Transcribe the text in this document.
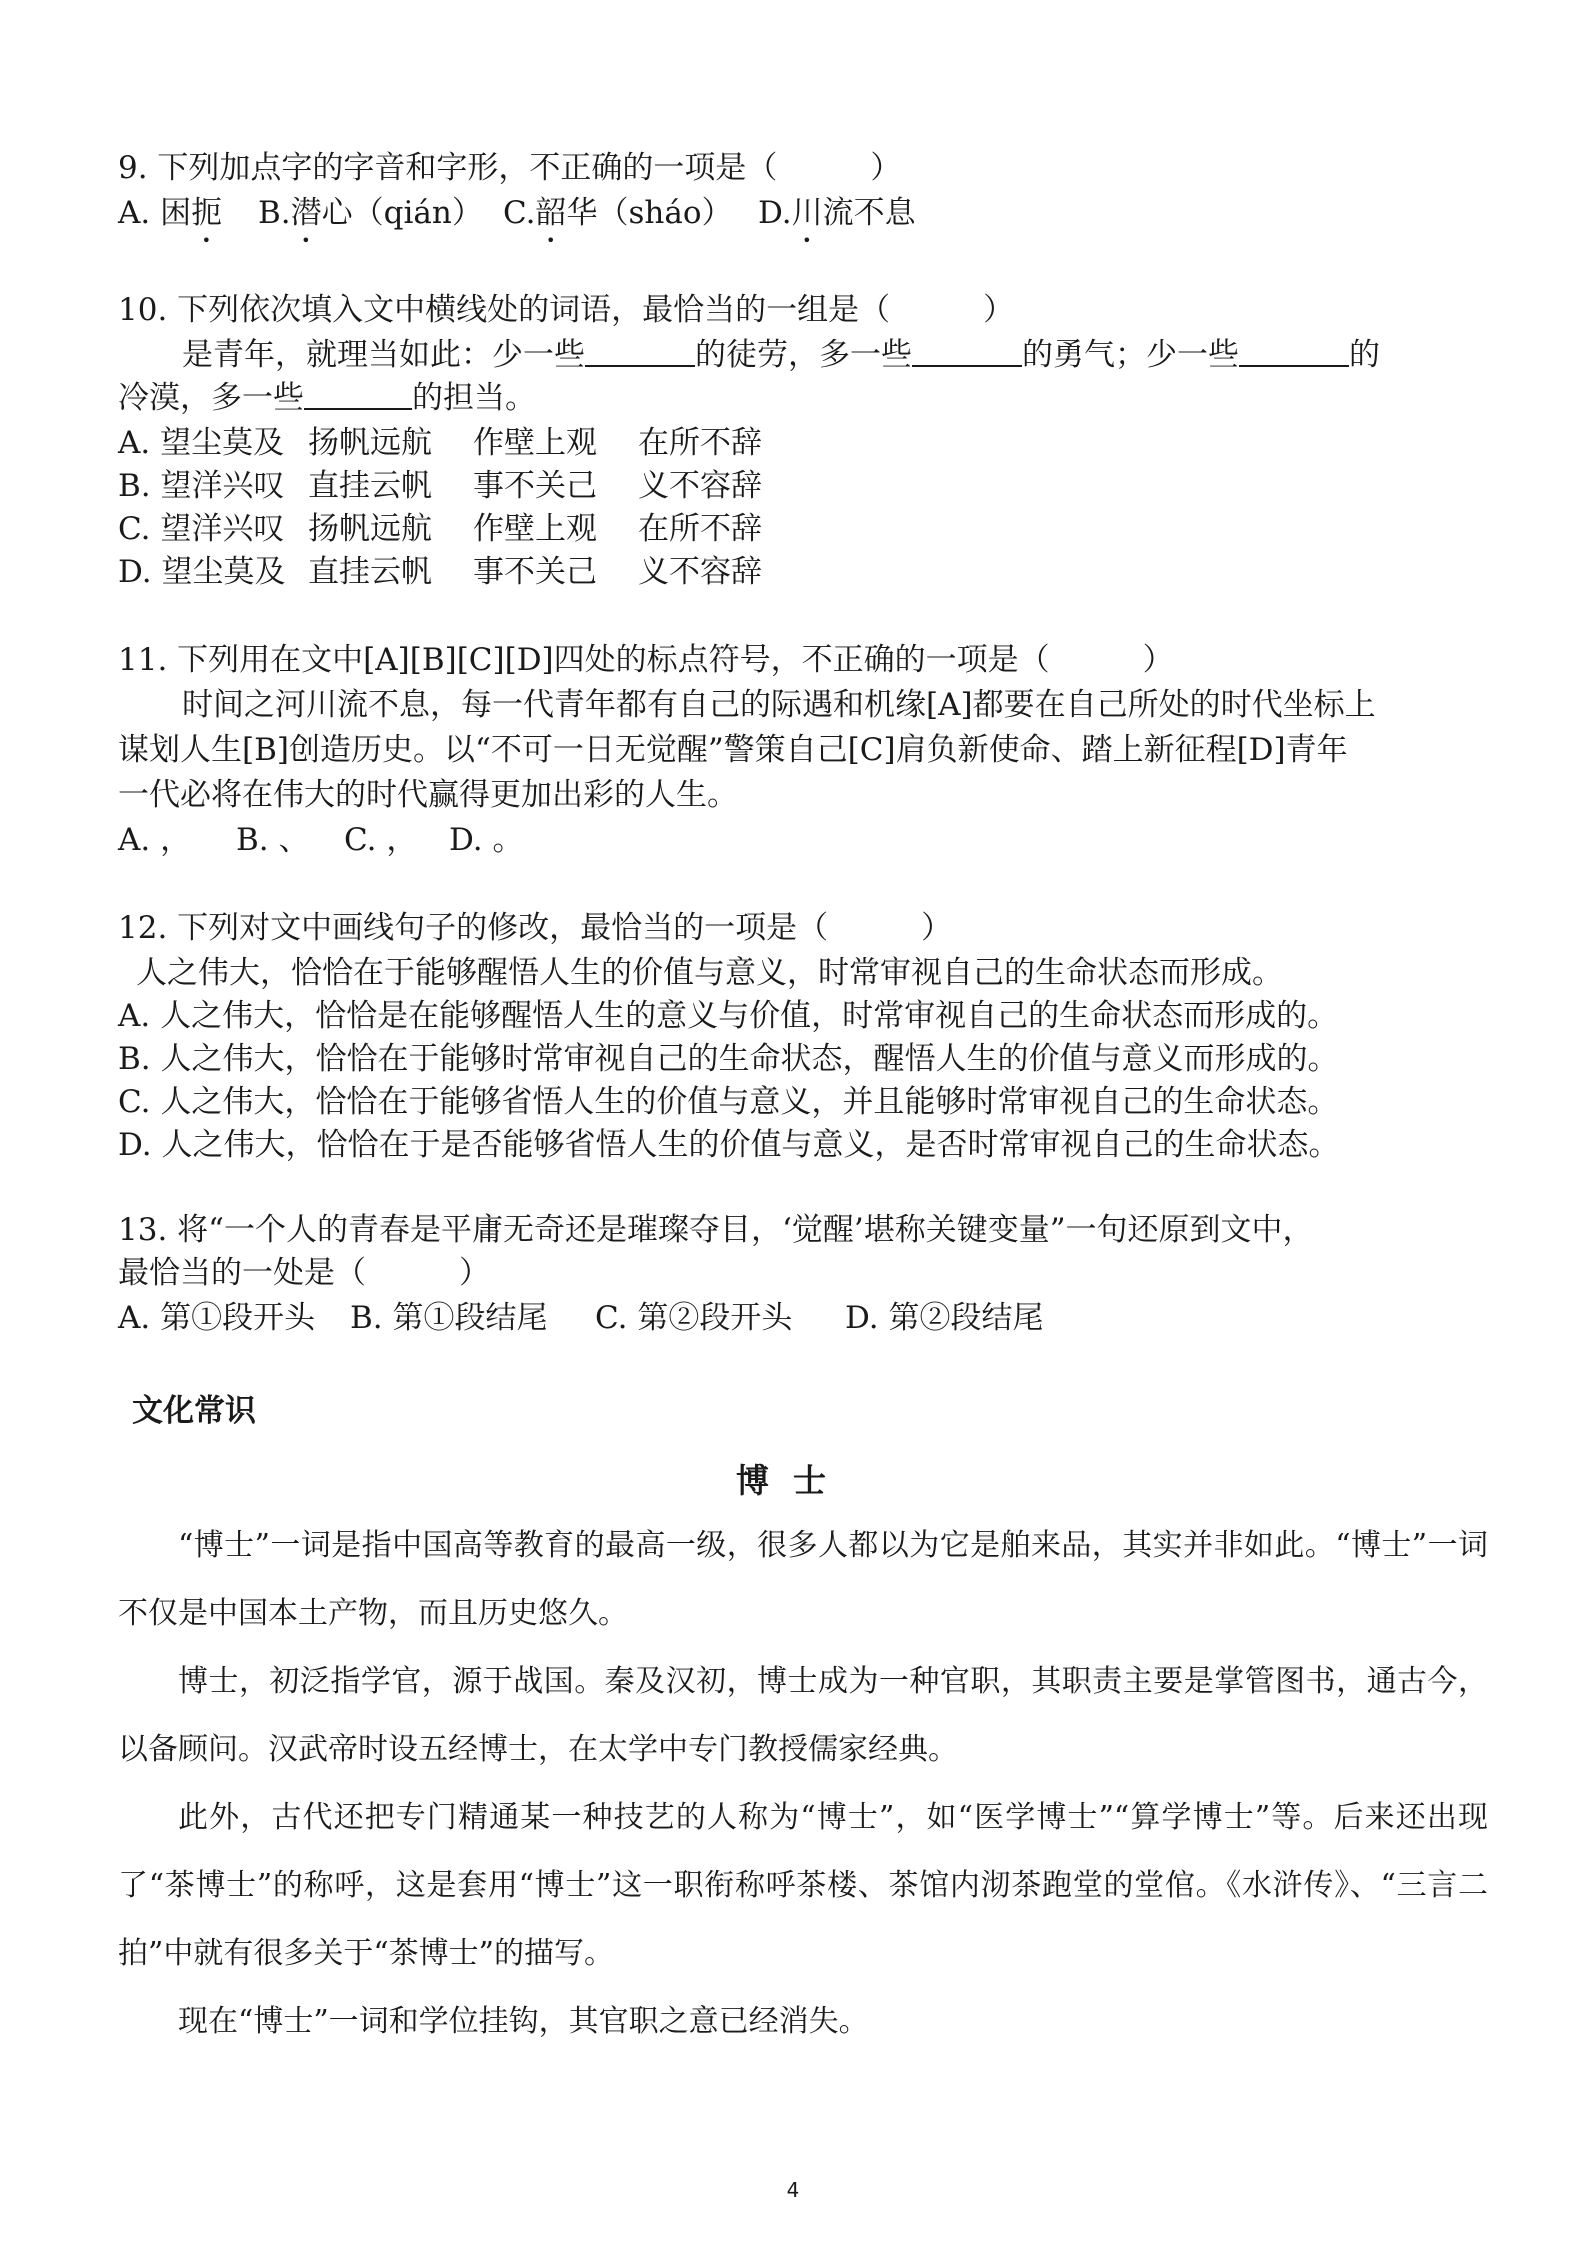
9. 下列加点字的字音和字形，不正确的一项是（　　　）
A. 困扼	B.潜心（qián） C.韶华（sháo） D.川流不息
10. 下列依次填入文中横线处的词语，最恰当的一组是（　　　）
是青年，就理当如此：少一些	的徒劳，多一些	的勇气；少一些	的
冷漠，多一些	的担当。
A. 望尘莫及 扬帆远航	作壁上观	在所不辞
B. 望洋兴叹 直挂云帆	事不关己	义不容辞
C. 望洋兴叹 扬帆远航	作壁上观	在所不辞
D. 望尘莫及 直挂云帆	事不关己	义不容辞
11. 下列用在文中[A][B][C][D]四处的标点符号，不正确的一项是（　　　）
时间之河川流不息，每一代青年都有自己的际遇和机缘[A]都要在自己所处的时代坐标上
谋划人生[B]创造历史。以“不可一日无觉醒”警策自己[C]肩负新使命、踏上新征程[D]青年
一代必将在伟大的时代赢得更加出彩的人生。
A. ，	B. 、	C. ，	D. 。
12. 下列对文中画线句子的修改，最恰当的一项是（　　　）
人之伟大，恰恰在于能够醒悟人生的价值与意义，时常审视自己的生命状态而形成。
A. 人之伟大，恰恰是在能够醒悟人生的意义与价值，时常审视自己的生命状态而形成的。
B. 人之伟大，恰恰在于能够时常审视自己的生命状态，醒悟人生的价值与意义而形成的。
C. 人之伟大，恰恰在于能够省悟人生的价值与意义，并且能够时常审视自己的生命状态。
D. 人之伟大，恰恰在于是否能够省悟人生的价值与意义，是否时常审视自己的生命状态。
13. 将“一个人的青春是平庸无奇还是璀璨夺目，‘觉醒’堪称关键变量”一句还原到文中，
最恰当的一处是（　　　）
A. 第①段开头	B. 第①段结尾	C. 第②段开头	D. 第②段结尾
文化常识
博士
“博士”一词是指中国高等教育的最高一级，很多人都以为它是舶来品，其实并非如此。“博士”一词不仅是中国本土产物，而且历史悠久。
博士，初泛指学官，源于战国。秦及汉初，博士成为一种官职，其职责主要是掌管图书，通古今，以备顾问。汉武帝时设五经博士，在太学中专门教授儒家经典。
此外，古代还把专门精通某一种技艺的人称为“博士”，如“医学博士”“算学博士”等。后来还出现了“茶博士”的称呼，这是套用“博士”这一职衔称呼茶楼、茶馆内沏茶跑堂的堂倌。《水浒传》、“三言二拍”中就有很多关于“茶博士”的描写。
现在“博士”一词和学位挂钩，其官职之意已经消失。
4
